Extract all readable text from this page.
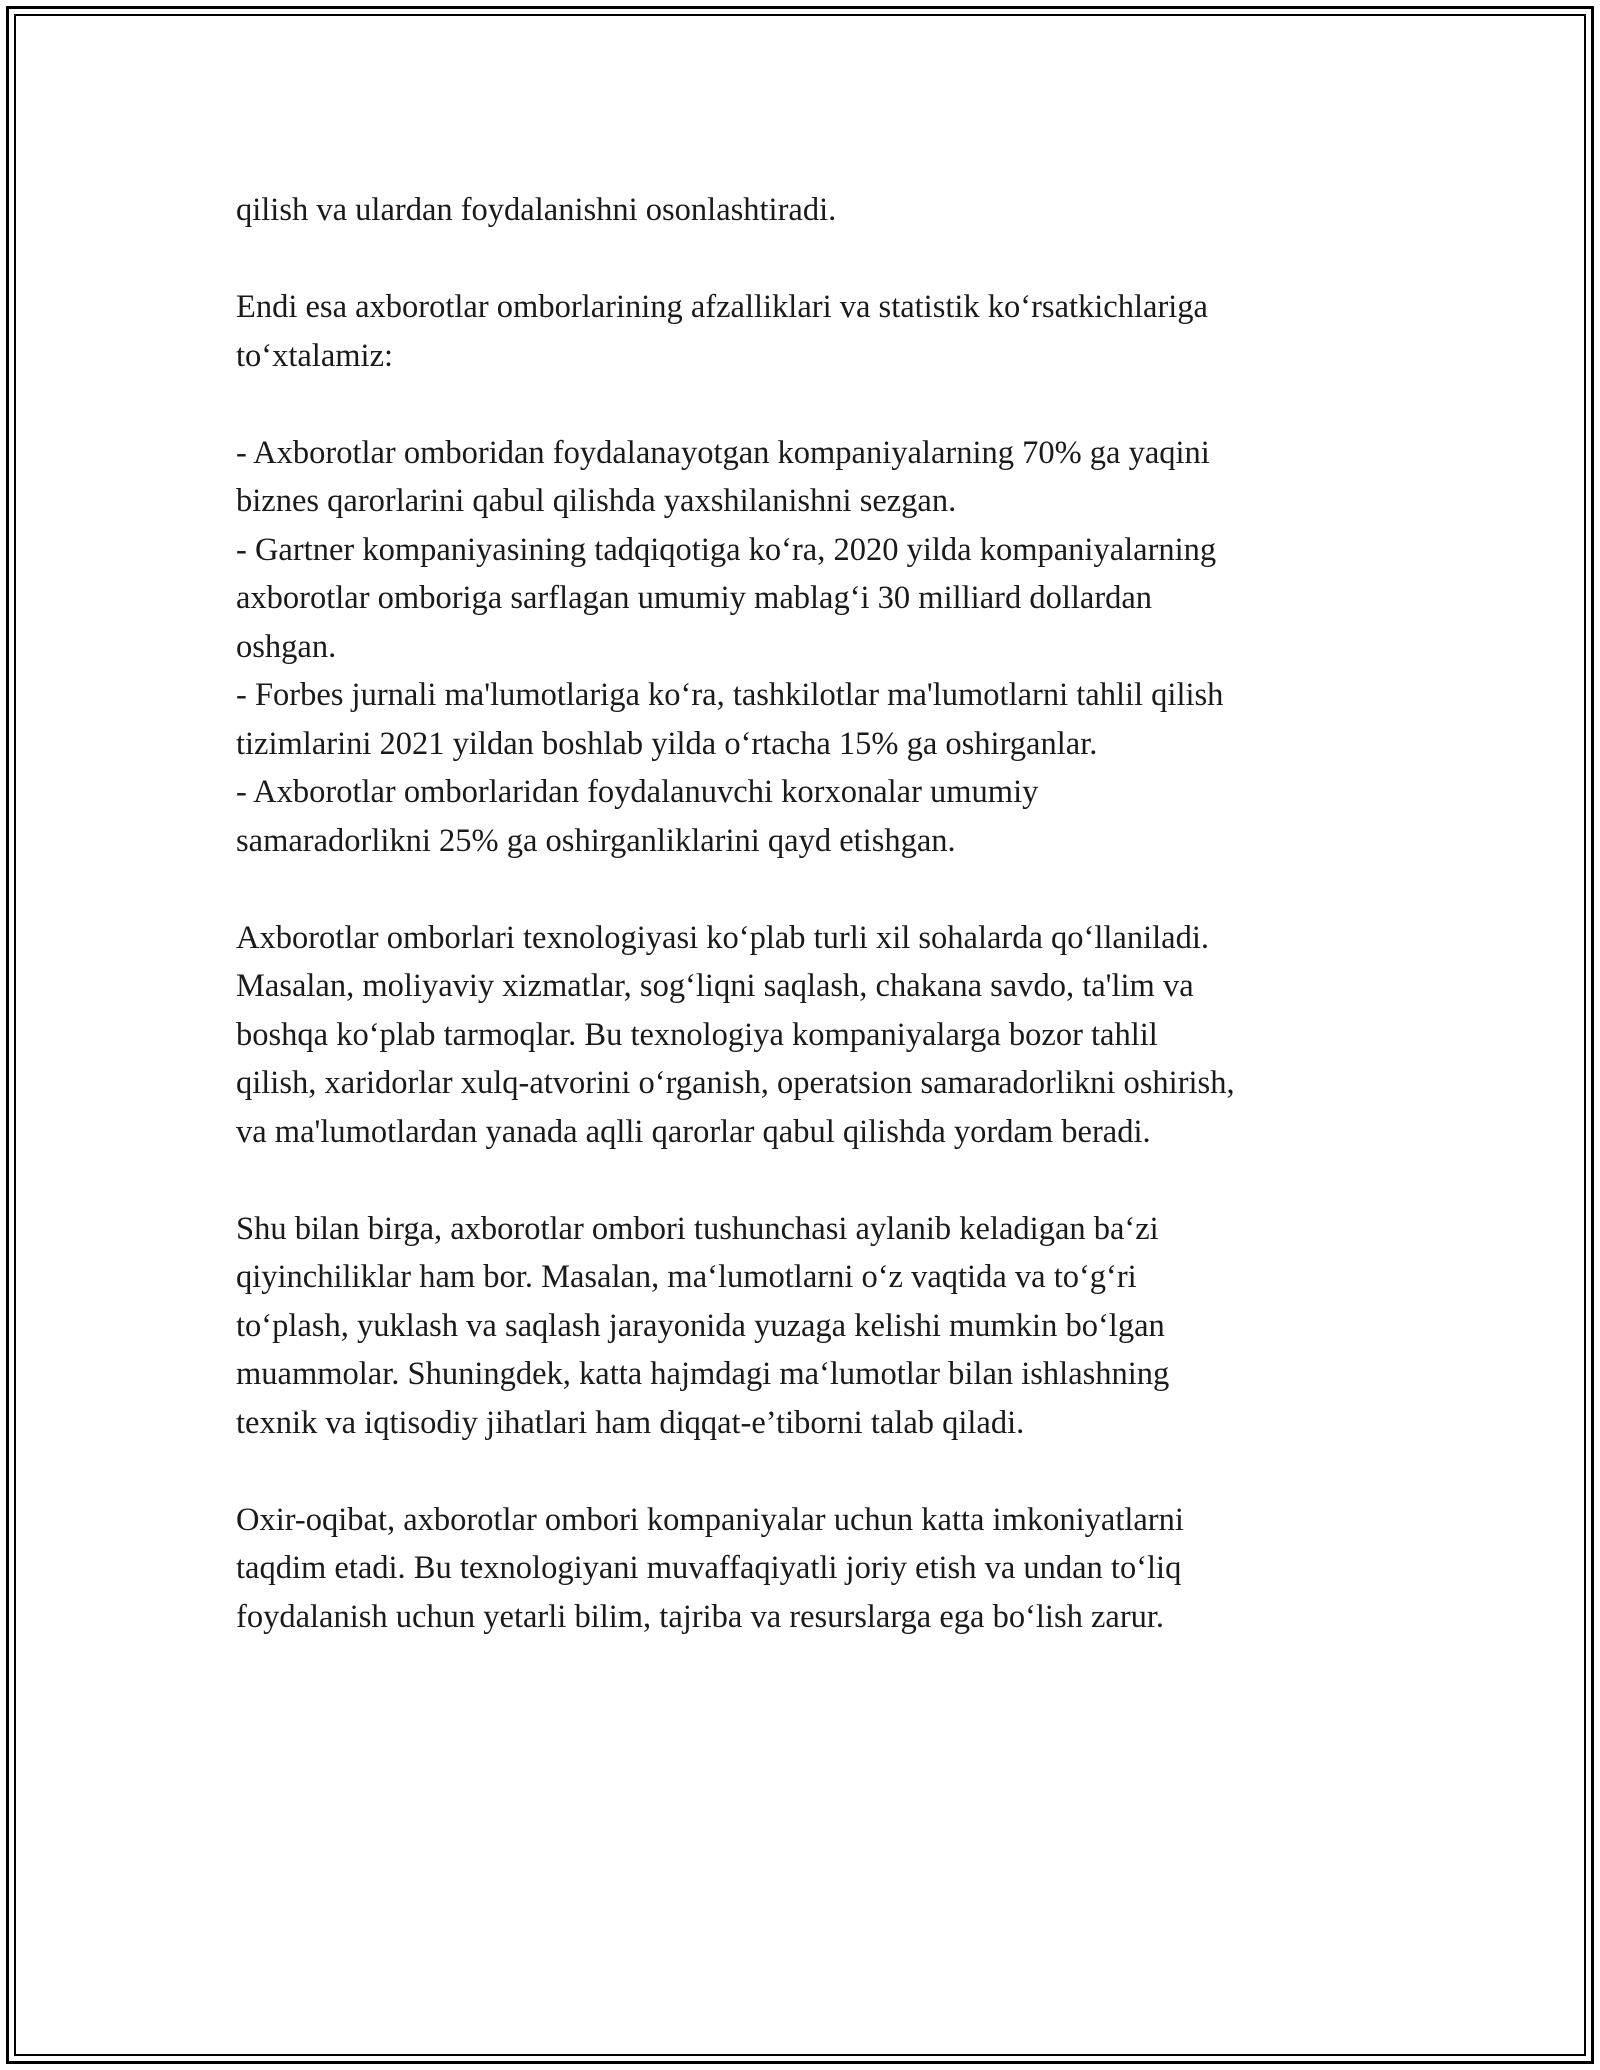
qilish va ulardan foydalanishni osonlashtiradi.

Endi esa axborotlar omborlarining afzalliklari va statistik ko‘rsatkichlariga
to‘xtalamiz:

- Axborotlar omboridan foydalanayotgan kompaniyalarning 70% ga yaqini
biznes qarorlarini qabul qilishda yaxshilanishni sezgan.

- Gartner kompaniyasining tadqiqotiga ko‘ra, 2020 yilda kompaniyalarning
axborotlar omboriga sarflagan umumiy mablag‘i 30 milliard dollardan
oshgan.

- Forbes jurnali ma'lumotlariga ko‘ra, tashkilotlar ma'lumotlarni tahlil qilish
tizimlarini 2021 yildan boshlab yilda o‘rtacha 15% ga oshirganlar.

- Axborotlar omborlaridan foydalanuvchi korxonalar umumiy
samaradorlikni 25% ga oshirganliklarini qayd etishgan.

Axborotlar omborlari texnologiyasi ko‘plab turli xil sohalarda qo‘llaniladi.
Masalan, moliyaviy xizmatlar, sog‘liqni saqlash, chakana savdo, ta'lim va
boshqa ko‘plab tarmoqlar. Bu texnologiya kompaniyalarga bozor tahlil
qilish, xaridorlar xulq-atvorini o‘rganish, operatsion samaradorlikni oshirish,
va ma'lumotlardan yanada aqlli qarorlar qabul qilishda yordam beradi.

Shu bilan birga, axborotlar ombori tushunchasi aylanib keladigan ba‘zi
qiyinchiliklar ham bor. Masalan, ma‘lumotlarni o‘z vaqtida va to‘g‘ri
to‘plash, yuklash va saqlash jarayonida yuzaga kelishi mumkin bo‘lgan
muammolar. Shuningdek, katta hajmdagi ma‘lumotlar bilan ishlashning
texnik va iqtisodiy jihatlari ham diqqat-e’tiborni talab qiladi.

Oxir-oqibat, axborotlar ombori kompaniyalar uchun katta imkoniyatlarni
taqdim etadi. Bu texnologiyani muvaffaqiyatli joriy etish va undan to‘liq
foydalanish uchun yetarli bilim, tajriba va resurslarga ega bo‘lish zarur.
